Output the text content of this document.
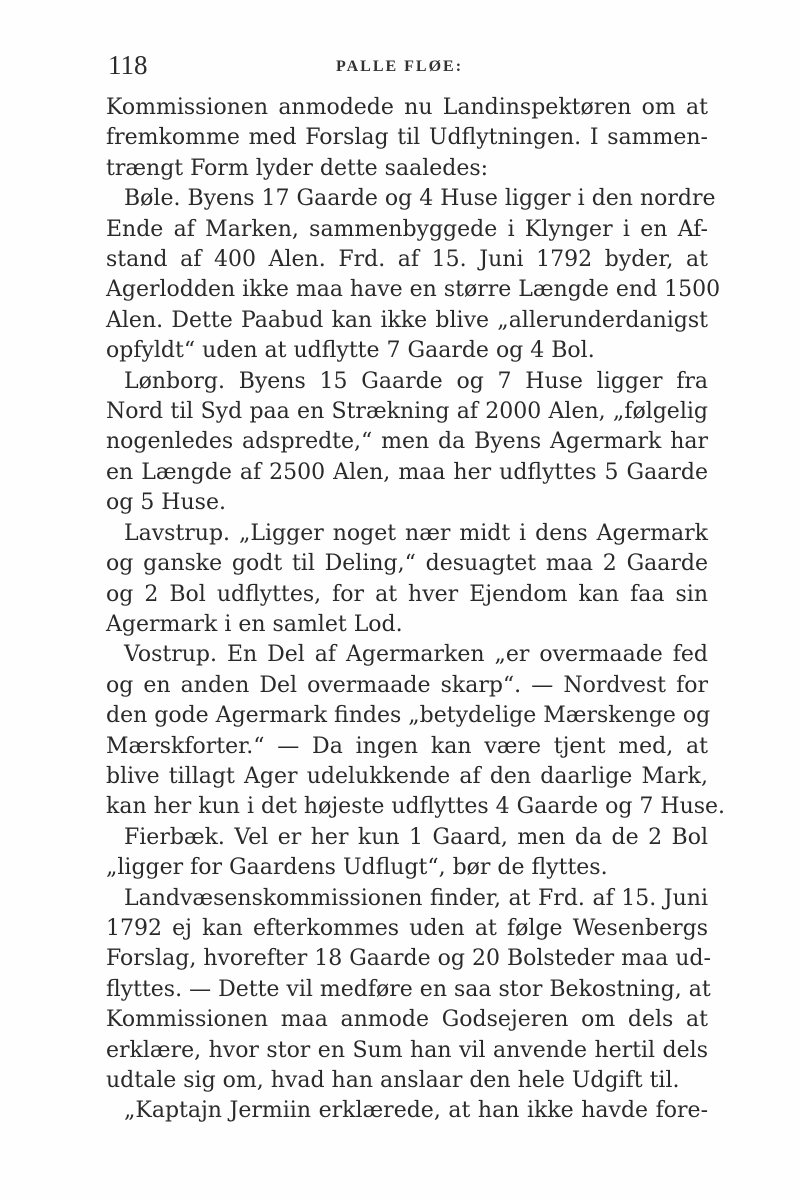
118	PALLE FLØE:
Kommissionen anmodede nu Landinspektøren om at
fremkomme med Forslag til Udflytningen. I sammen-
trængt Form lyder dette saaledes:
Bøle. Byens 17 Gaarde og 4 Huse ligger i den nordre
Ende af Marken, sammenbyggede i Klynger i en Af-
stand af 400 Alen. Frd. af 15. Juni 1792 byder, at
Agerlodden ikke maa have en større Længde end 1500
Alen. Dette Paabud kan ikke blive „allerunderdanigst
opfyldt“ uden at udflytte 7 Gaarde og 4 Bol.
Lønborg. Byens 15 Gaarde og 7 Huse ligger fra
Nord til Syd paa en Strækning af 2000 Alen, „følgelig
nogenledes adspredte,“ men da Byens Agermark har
en Længde af 2500 Alen, maa her udflyttes 5 Gaarde
og 5 Huse.
Lavstrup. „Ligger noget nær midt i dens Agermark
og ganske godt til Deling,“ desuagtet maa 2 Gaarde
og 2 Bol udflyttes, for at hver Ejendom kan faa sin
Agermark i en samlet Lod.
Vostrup. En Del af Agermarken „er overmaade fed
og en anden Del overmaade skarp“. — Nordvest for
den gode Agermark findes „betydelige Mærskenge og
Mærskforter.“ — Da ingen kan være tjent med, at
blive tillagt Ager udelukkende af den daarlige Mark,
kan her kun i det højeste udflyttes 4 Gaarde og 7 Huse.
Fierbæk. Vel er her kun 1 Gaard, men da de 2 Bol
„ligger for Gaardens Udflugt“, bør de flyttes.
Landvæsenskommissionen finder, at Frd. af 15. Juni
1792 ej kan efterkommes uden at følge Wesenbergs
Forslag, hvorefter 18 Gaarde og 20 Bolsteder maa ud-
flyttes. — Dette vil medføre en saa stor Bekostning, at
Kommissionen maa anmode Godsejeren om dels at
erklære, hvor stor en Sum han vil anvende hertil dels
udtale sig om, hvad han anslaar den hele Udgift til.
„Kaptajn Jermiin erklærede, at han ikke havde fore-
